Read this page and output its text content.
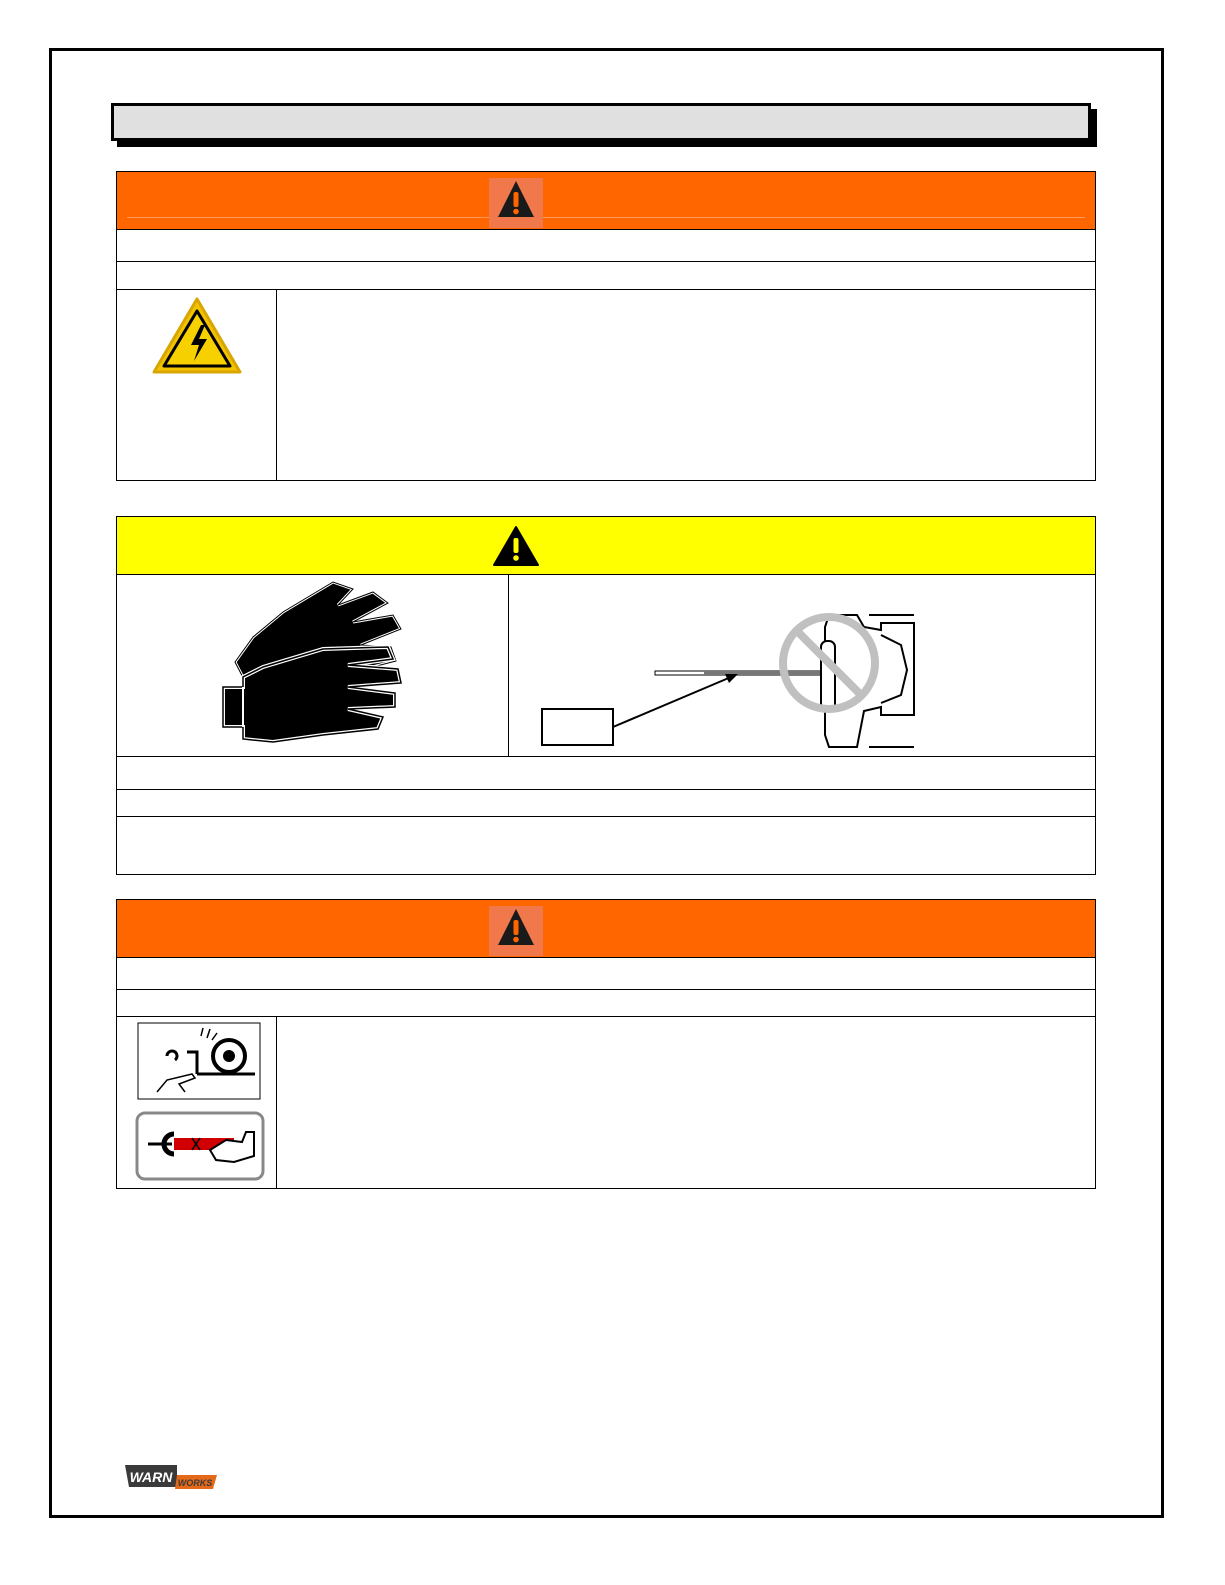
WARN WORKS
